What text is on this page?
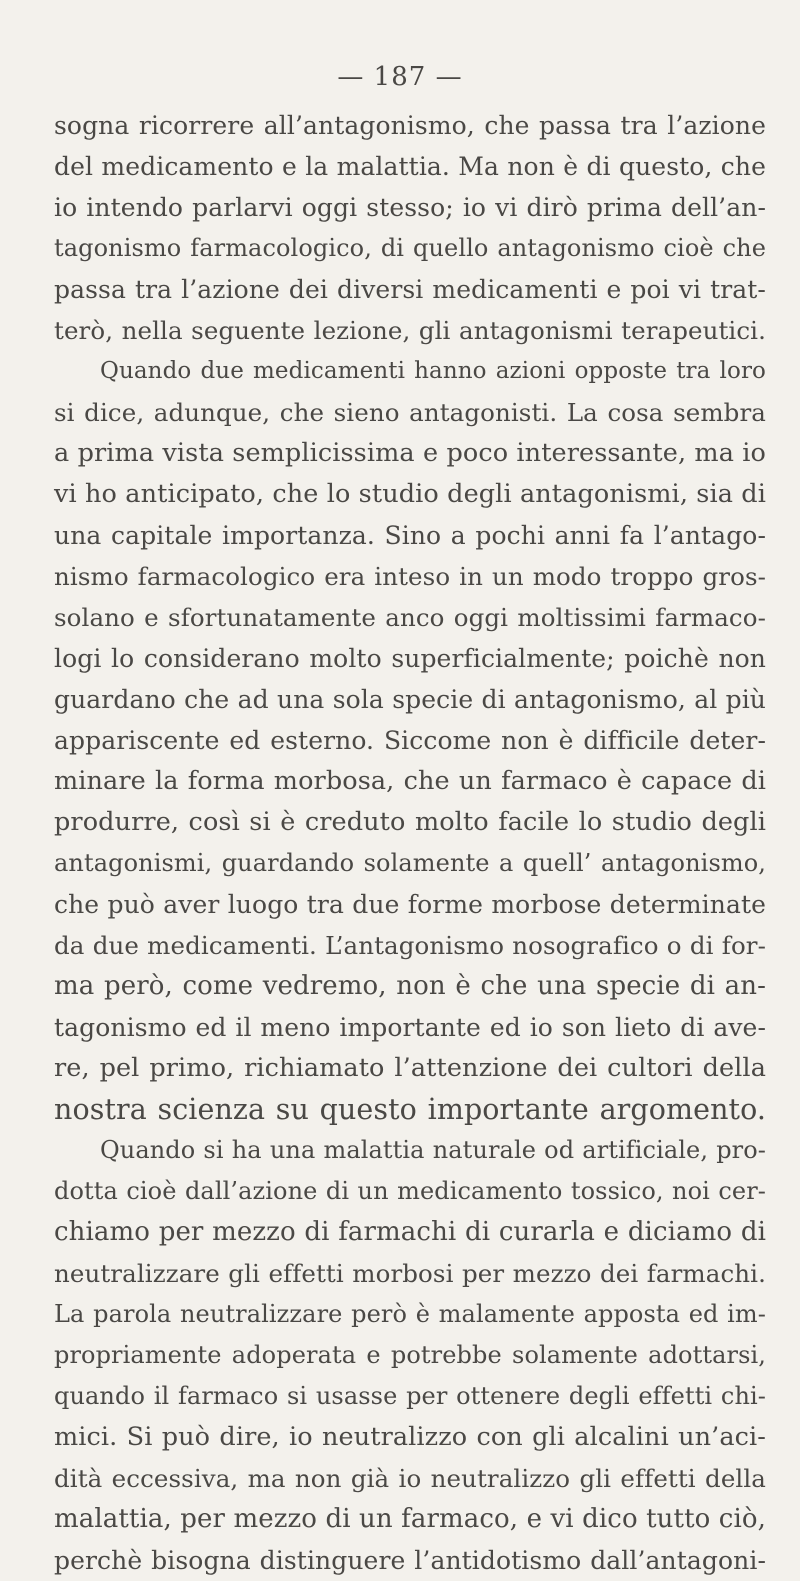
— 187 —
sogna ricorrere all’antagonismo, che passa tra l’azione
del medicamento e la malattia. Ma non è di questo, che
io intendo parlarvi oggi stesso; io vi dirò prima dell’an-
tagonismo farmacologico, di quello antagonismo cioè che
passa tra l’azione dei diversi medicamenti e poi vi trat-
terò, nella seguente lezione, gli antagonismi terapeutici.
Quando due medicamenti hanno azioni opposte tra loro
si dice, adunque, che sieno antagonisti. La cosa sembra
a prima vista semplicissima e poco interessante, ma io
vi ho anticipato, che lo studio degli antagonismi, sia di
una capitale importanza. Sino a pochi anni fa l’antago-
nismo farmacologico era inteso in un modo troppo gros-
solano e sfortunatamente anco oggi moltissimi farmaco-
logi lo considerano molto superficialmente; poichè non
guardano che ad una sola specie di antagonismo, al più
appariscente ed esterno. Siccome non è difficile deter-
minare la forma morbosa, che un farmaco è capace di
produrre, così si è creduto molto facile lo studio degli
antagonismi, guardando solamente a quell’ antagonismo,
che può aver luogo tra due forme morbose determinate
da due medicamenti. L’antagonismo nosografico o di for-
ma però, come vedremo, non è che una specie di an-
tagonismo ed il meno importante ed io son lieto di ave-
re, pel primo, richiamato l’attenzione dei cultori della
nostra scienza su questo importante argomento.
Quando si ha una malattia naturale od artificiale, pro-
dotta cioè dall’azione di un medicamento tossico, noi cer-
chiamo per mezzo di farmachi di curarla e diciamo di
neutralizzare gli effetti morbosi per mezzo dei farmachi.
La parola neutralizzare però è malamente apposta ed im-
propriamente adoperata e potrebbe solamente adottarsi,
quando il farmaco si usasse per ottenere degli effetti chi-
mici. Si può dire, io neutralizzo con gli alcalini un’aci-
dità eccessiva, ma non già io neutralizzo gli effetti della
malattia, per mezzo di un farmaco, e vi dico tutto ciò,
perchè bisogna distinguere l’antidotismo dall’antagoni-
